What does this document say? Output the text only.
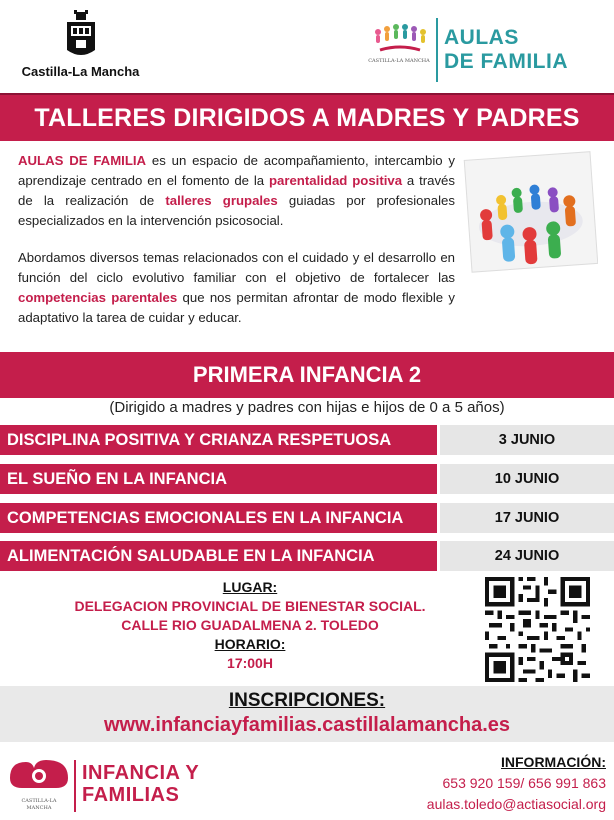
Castilla-La Mancha
CASTILLA-LA MANCHA
AULAS
DE FAMILIA
TALLERES DIRIGIDOS A MADRES Y PADRES

AULAS DE FAMILIA es un espacio de acompañamiento, intercambio y aprendizaje centrado en el fomento de la parentalidad positiva a través de la realización de talleres grupales guiadas por profesionales especializados en la intervención psicosocial.

Abordamos diversos temas relacionados con el cuidado y el desarrollo en función del ciclo evolutivo familiar con el objetivo de fortalecer las competencias parentales que nos permitan afrontar de modo flexible y adaptativo la tarea de cuidar y educar.

PRIMERA INFANCIA 2
(Dirigido a madres y padres con hijas e hijos de 0 a 5 años)
DISCIPLINA POSITIVA Y CRIANZA RESPETUOSA	3 JUNIO
EL SUEÑO EN LA INFANCIA	10 JUNIO
COMPETENCIAS EMOCIONALES EN LA INFANCIA	17 JUNIO
ALIMENTACIÓN SALUDABLE EN LA INFANCIA	24 JUNIO
LUGAR:
DELEGACION PROVINCIAL DE BIENESTAR SOCIAL.
CALLE RIO GUADALMENA 2. TOLEDO
HORARIO:
17:00H
INSCRIPCIONES:
www.infanciayfamilias.castillalamancha.es
CASTILLA-LA MANCHA
INFANCIA Y
FAMILIAS
INFORMACIÓN:
653 920 159/ 656 991 863
aulas.toledo@actiasocial.org
